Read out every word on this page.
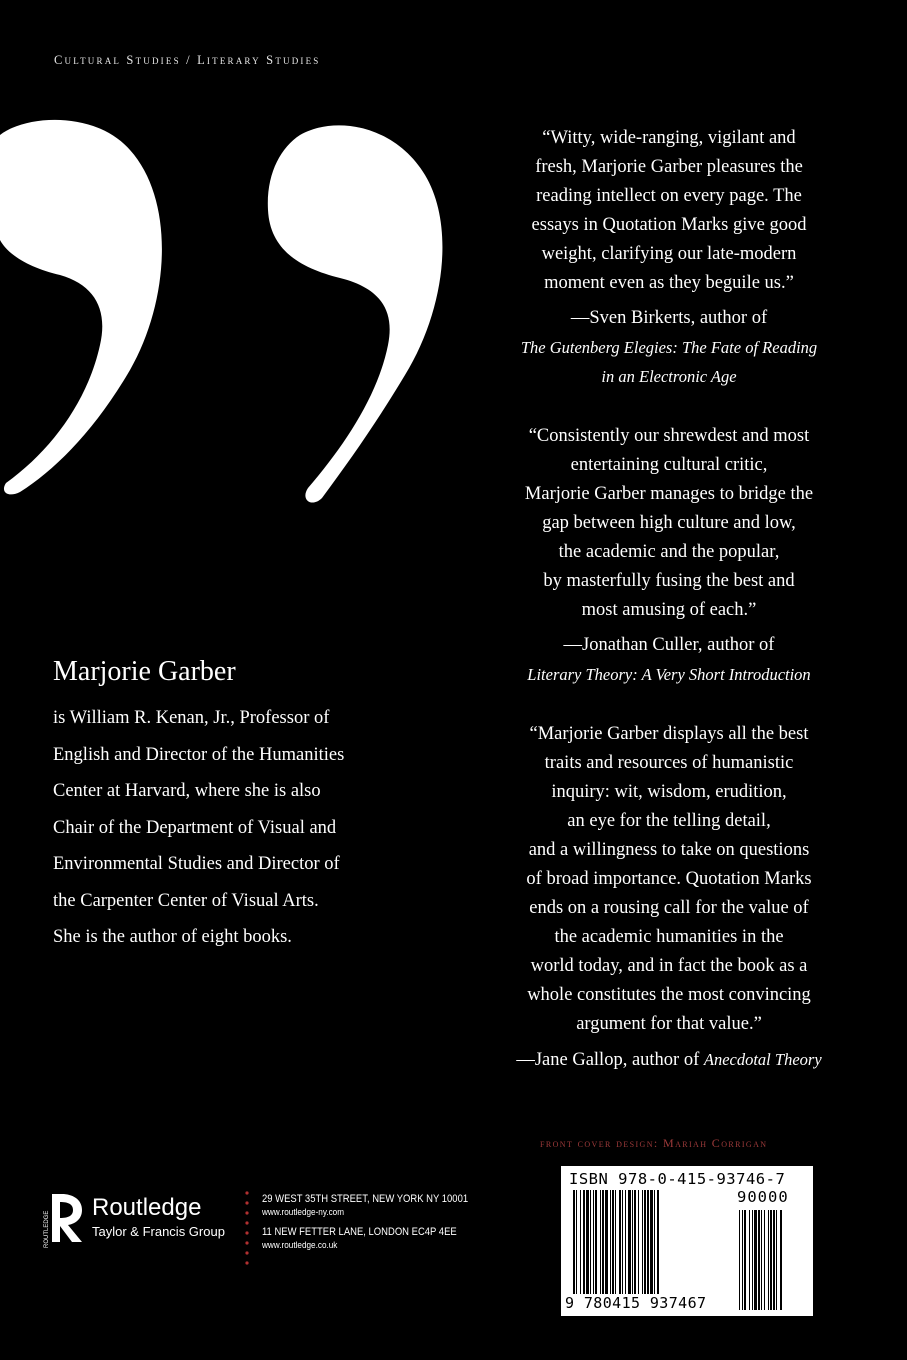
Cultural Studies / Literary Studies

“Witty, wide-ranging, vigilant and

fresh, Marjorie Garber pleasures the

reading intellect on every page. The

essays in Quotation Marks give good

weight, clarifying our late-modern

moment even as they beguile us.”

—Sven Birkerts, author of

The Gutenberg Elegies: The Fate of Reading

in an Electronic Age

“Consistently our shrewdest and most

entertaining cultural critic,

Marjorie Garber manages to bridge the

gap between high culture and low,

the academic and the popular,

by masterfully fusing the best and

most amusing of each.”

—Jonathan Culler, author of

Literary Theory: A Very Short Introduction

“Marjorie Garber displays all the best

traits and resources of humanistic

inquiry: wit, wisdom, erudition,

an eye for the telling detail,

and a willingness to take on questions

of broad importance. Quotation Marks

ends on a rousing call for the value of

the academic humanities in the

world today, and in fact the book as a

whole constitutes the most convincing

argument for that value.”

—Jane Gallop, author of Anecdotal Theory

Marjorie Garber

is William R. Kenan, Jr., Professor of
English and Director of the Humanities
Center at Harvard, where she is also
Chair of the Department of Visual and
Environmental Studies and Director of
the Carpenter Center of Visual Arts.
She is the author of eight books.
front cover design: Mariah Corrigan
ROUTLEDGE
Routledge
Taylor & Francis Group

29 WEST 35TH STREET, NEW YORK NY 10001

www.routledge-ny.com

11 NEW FETTER LANE, LONDON EC4P 4EE

www.routledge.co.uk

ISBN 978-0-415-93746-7
90000
9 780415 937467
